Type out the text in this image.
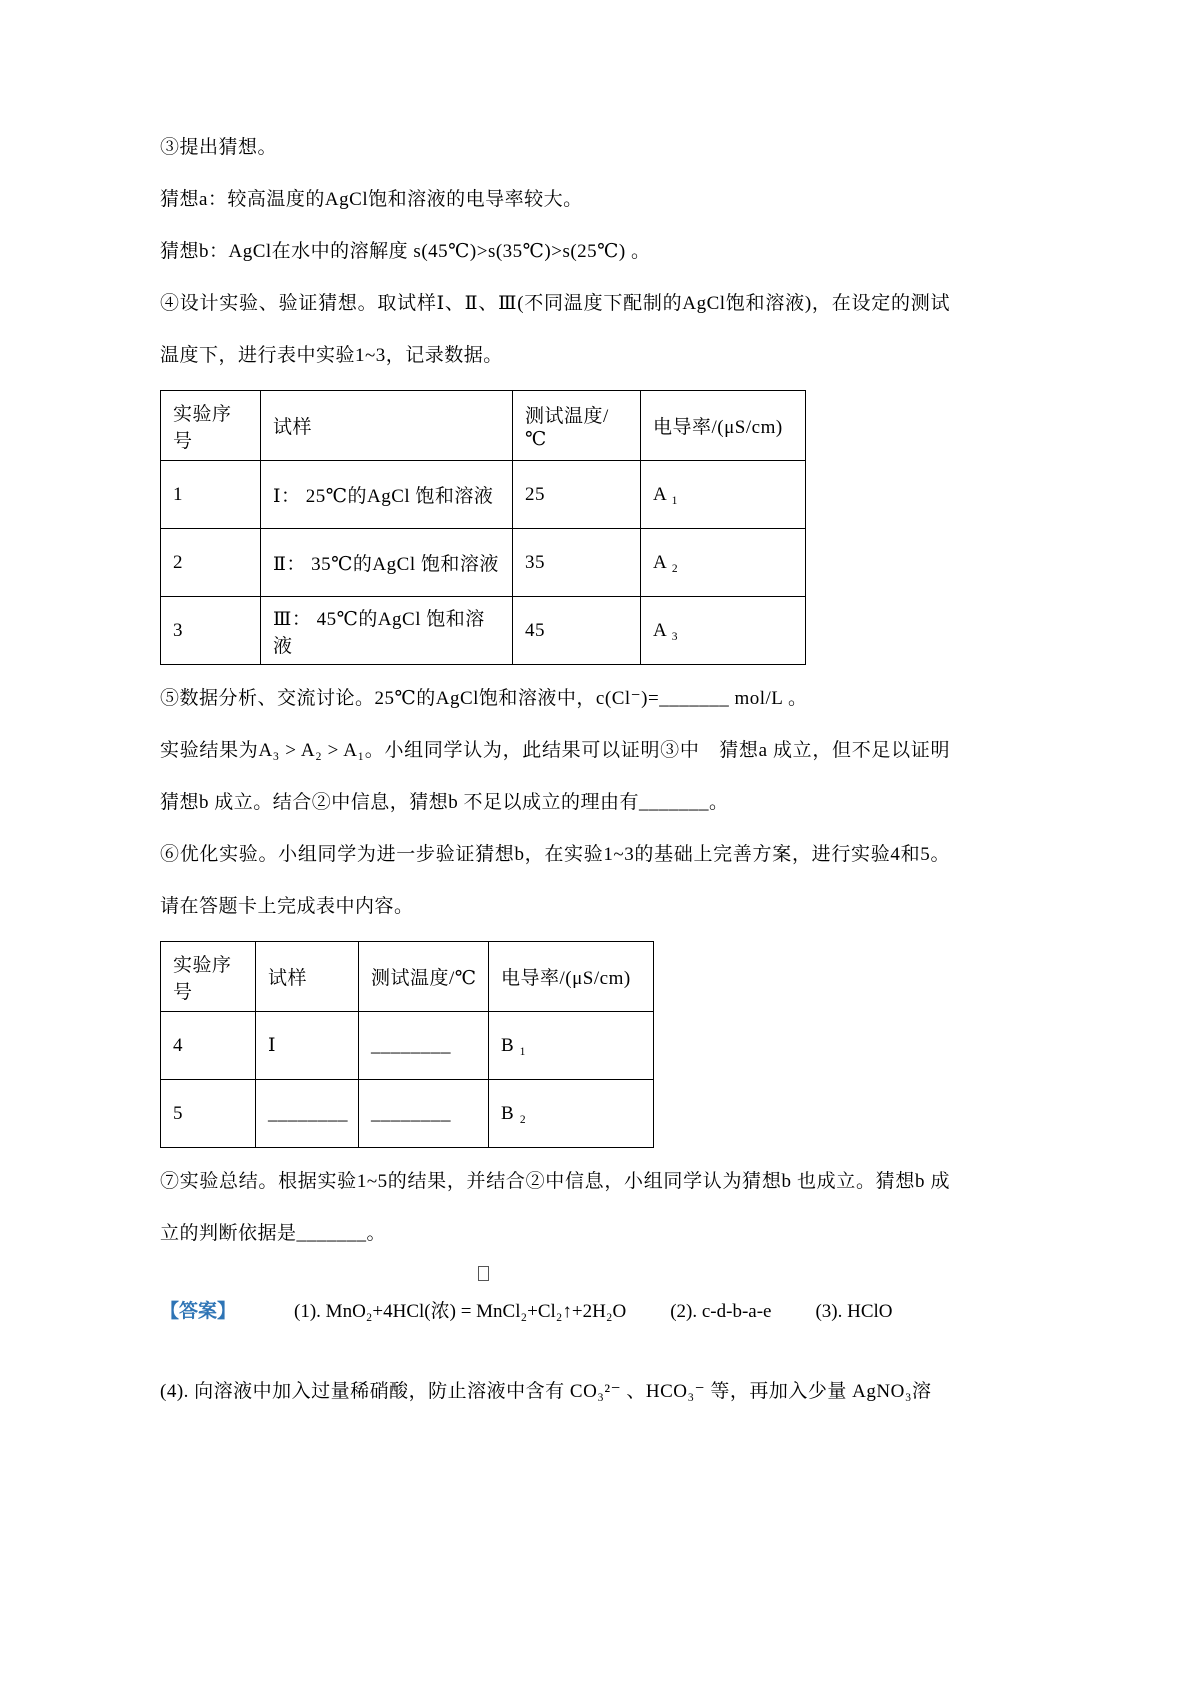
③提出猜想。

猜想a：较高温度的AgCl饱和溶液的电导率较大。

猜想b：AgCl在水中的溶解度 s(45℃)>s(35℃)>s(25℃) 。

④设计实验、验证猜想。取试样Ⅰ、Ⅱ、Ⅲ(不同温度下配制的AgCl饱和溶液)，在设定的测试温度下，进行表中实验1~3，记录数据。

实验序号	试样	测试温度/℃	电导率/(μS/cm)
1	Ⅰ： 25℃的AgCl 饱和溶液	25	A ₁
2	Ⅱ： 35℃的AgCl 饱和溶液	35	A ₂
3	Ⅲ： 45℃的AgCl 饱和溶液	45	A ₃

⑤数据分析、交流讨论。25℃的AgCl饱和溶液中，c(Cl⁻)=_______ mol/L 。

实验结果为A₃ > A₂ > A₁。小组同学认为，此结果可以证明③中　猜想a 成立，但不足以证明猜想b 成立。结合②中信息，猜想b 不足以成立的理由有_______。

⑥优化实验。小组同学为进一步验证猜想b，在实验1~3的基础上完善方案，进行实验4和5。请在答题卡上完成表中内容。

实验序号	试样	测试温度/℃	电导率/(μS/cm)
4	Ⅰ	________	B ₁
5	________	________	B ₂

⑦实验总结。根据实验1~5的结果，并结合②中信息，小组同学认为猜想b 也成立。猜想b 成立的判断依据是_______。

【答案】	(1). MnO₂+4HCl(浓) = MnCl₂+Cl₂↑+2H₂O (2). c-d-b-a-e (3). HClO

(4). 向溶液中加入过量稀硝酸，防止溶液中含有 CO₃²⁻ 、HCO₃⁻ 等，再加入少量 AgNO₃溶
